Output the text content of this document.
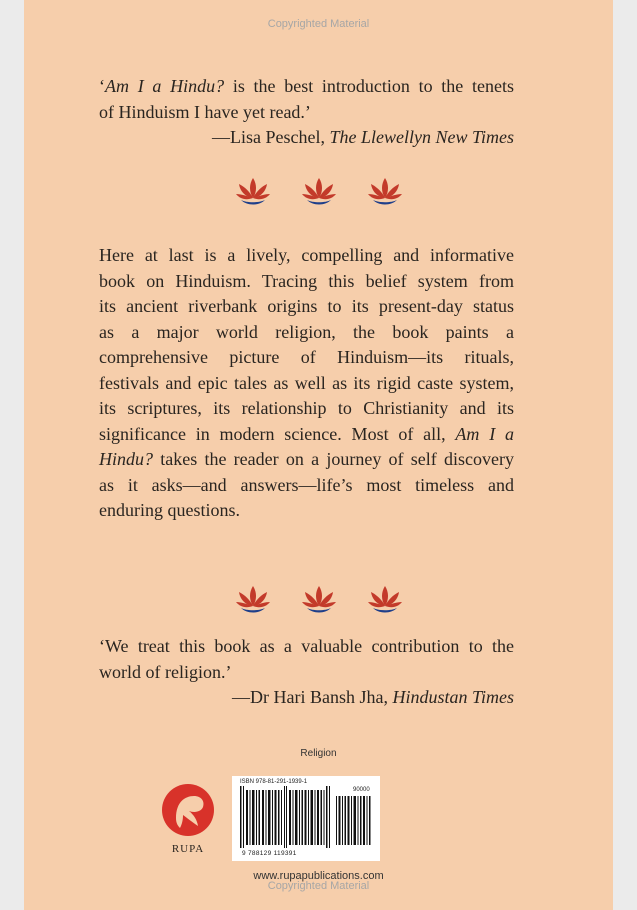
Copyrighted Material
‘Am I a Hindu? is the best introduction to the tenets
of Hinduism I have yet read.’
—Lisa Peschel, The Llewellyn New Times
Here at last is a lively, compelling and informative
book on Hinduism. Tracing this belief system from
its ancient riverbank origins to its present-day status
as a major world religion, the book paints a
comprehensive picture of Hinduism—its rituals,
festivals and epic tales as well as its rigid caste system,
its scriptures, its relationship to Christianity and its
significance in modern science. Most of all, Am I a
Hindu? takes the reader on a journey of self discovery
as it asks—and answers—life’s most timeless and
enduring questions.
‘We treat this book as a valuable contribution to the
world of religion.’
—Dr Hari Bansh Jha, Hindustan Times
Religion
RUPA
ISBN 978-81-291-1939-1
90000
9 788129 119391
www.rupapublications.com
Copyrighted Material
